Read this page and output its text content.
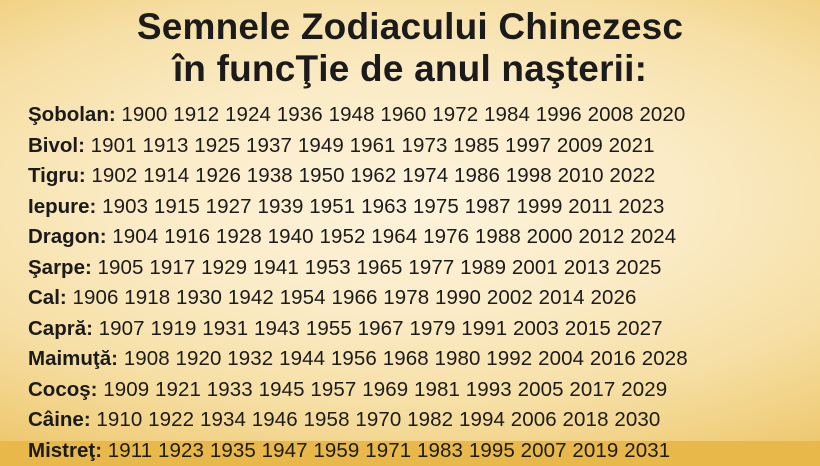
Semnele Zodiacului Chinezesc
în funcŢie de anul naşterii:
Şobolan: 1900 1912 1924 1936 1948 1960 1972 1984 1996 2008 2020
Bivol: 1901 1913 1925 1937 1949 1961 1973 1985 1997 2009 2021
Tigru: 1902 1914 1926 1938 1950 1962 1974 1986 1998 2010 2022
Iepure: 1903 1915 1927 1939 1951 1963 1975 1987 1999 2011 2023
Dragon: 1904 1916 1928 1940 1952 1964 1976 1988 2000 2012 2024
Şarpe: 1905 1917 1929 1941 1953 1965 1977 1989 2001 2013 2025
Cal: 1906 1918 1930 1942 1954 1966 1978 1990 2002 2014 2026
Capră: 1907 1919 1931 1943 1955 1967 1979 1991 2003 2015 2027
Maimuţă: 1908 1920 1932 1944 1956 1968 1980 1992 2004 2016 2028
Cocoş: 1909 1921 1933 1945 1957 1969 1981 1993 2005 2017 2029
Câine: 1910 1922 1934 1946 1958 1970 1982 1994 2006 2018 2030
Mistreţ: 1911 1923 1935 1947 1959 1971 1983 1995 2007 2019 2031
